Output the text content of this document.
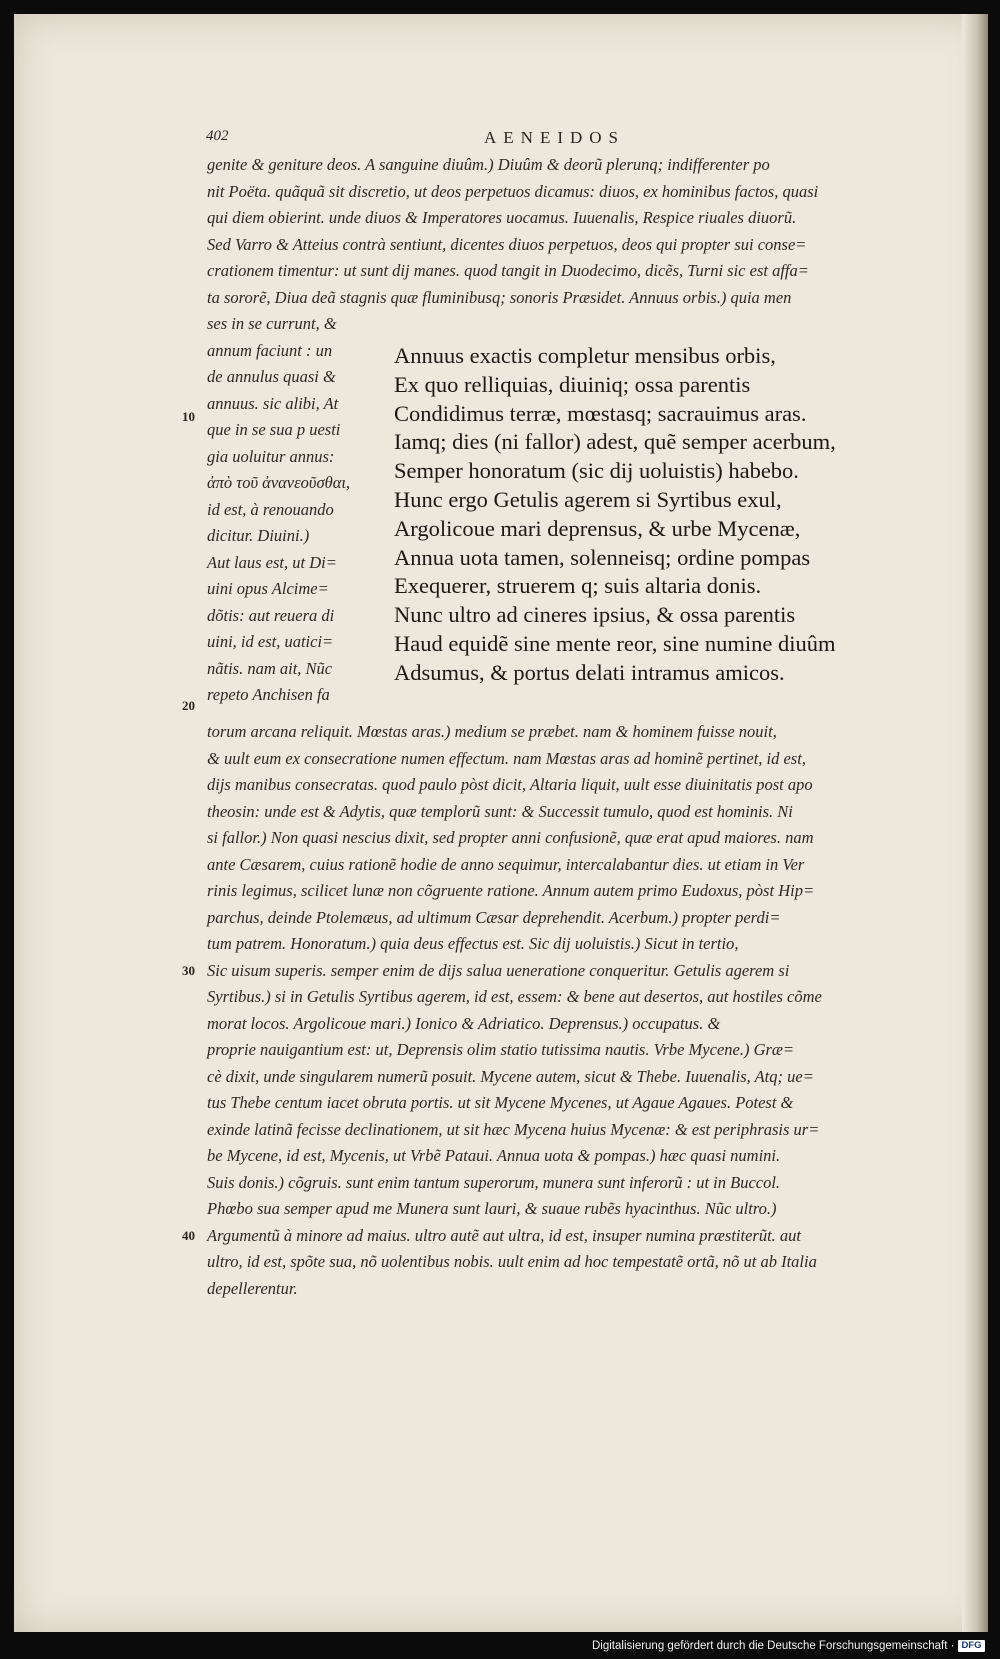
402	AENEIDOS
genite & geniture deos. A sanguine diuûm.) Diuûm & deorũ plerunq; indifferenter po
nit Poëta. quãquã sit discretio, ut deos perpetuos dicamus: diuos, ex hominibus factos, quasi
qui diem obierint. unde diuos & Imperatores uocamus. Iuuenalis, Respice riuales diuorũ.
Sed Varro & Atteius contrà sentiunt, dicentes diuos perpetuos, deos qui propter sui conse=
crationem timentur: ut sunt dij manes. quod tangit in Duodecimo, dicẽs, Turni sic est affa=
ta sororẽ, Diua deã stagnis quæ fluminibusq; sonoris Præsidet. Annuus orbis.) quia men
ses in se currunt, &
annum faciunt : un
de annulus quasi &
annuus. sic alibi, At
que in se sua p uesti
gia uoluitur annus:
ἀπὸ τοῦ ἀνανεοῦσθαι,
id est, à renouando
dicitur. Diuini.)
Aut laus est, ut Di=
uini opus Alcime=
dõtis: aut reuera di
uini, id est, uatici=
nãtis. nam ait, Nũc
repeto Anchisen fa
Annuus exactis completur mensibus orbis,
Ex quo relliquias, diuiniq; ossa parentis
Condidimus terræ, mœstasq; sacrauimus aras.
Iamq; dies (ni fallor) adest, quẽ semper acerbum,
Semper honoratum (sic dij uoluistis) habebo.
Hunc ergo Getulis agerem si Syrtibus exul,
Argolicoue mari deprensus, & urbe Mycenæ,
Annua uota tamen, solenneisq; ordine pompas
Exequerer, struerem q; suis altaria donis.
Nunc ultro ad cineres ipsius, & ossa parentis
Haud equidẽ sine mente reor, sine numine diuûm
Adsumus, & portus delati intramus amicos.
torum arcana reliquit. Mœstas aras.) medium se præbet. nam & hominem fuisse nouit,
& uult eum ex consecratione numen effectum. nam Mœstas aras ad hominẽ pertinet, id est,
dijs manibus consecratas. quod paulo pòst dicit, Altaria liquit, uult esse diuinitatis post apo
theosin: unde est & Adytis, quæ templorũ sunt: & Successit tumulo, quod est hominis. Ni
si fallor.) Non quasi nescius dixit, sed propter anni confusionẽ, quæ erat apud maiores. nam
ante Cæsarem, cuius rationẽ hodie de anno sequimur, intercalabantur dies. ut etiam in Ver
rinis legimus, scilicet lunæ non cõgruente ratione. Annum autem primo Eudoxus, pòst Hip=
parchus, deinde Ptolemæus, ad ultimum Cæsar deprehendit. Acerbum.) propter perdi=
tum patrem. Honoratum.) quia deus effectus est. Sic dij uoluistis.) Sicut in tertio,
Sic uisum superis. semper enim de dijs salua ueneratione conqueritur. Getulis agerem si
Syrtibus.) si in Getulis Syrtibus agerem, id est, essem: & bene aut desertos, aut hostiles cõme
morat locos. Argolicoue mari.) Ionico & Adriatico. Deprensus.) occupatus. &
proprie nauigantium est: ut, Deprensis olim statio tutissima nautis. Vrbe Mycene.) Græ=
cè dixit, unde singularem numerũ posuit. Mycene autem, sicut & Thebe. Iuuenalis, Atq; ue=
tus Thebe centum iacet obruta portis. ut sit Mycene Mycenes, ut Agaue Agaues. Potest &
exinde latinã fecisse declinationem, ut sit hæc Mycena huius Mycenæ: & est periphrasis ur=
be Mycene, id est, Mycenis, ut Vrbẽ Pataui. Annua uota & pompas.) hæc quasi numini.
Suis donis.) cõgruis. sunt enim tantum superorum, munera sunt inferorũ : ut in Buccol.
Phœbo sua semper apud me Munera sunt lauri, & suaue rubẽs hyacinthus. Nũc ultro.)
Argumentũ à minore ad maius. ultro autẽ aut ultra, id est, insuper numina præstiterũt. aut
ultro, id est, spõte sua, nõ uolentibus nobis. uult enim ad hoc tempestatẽ ortã, nõ ut ab Italia
depellerentur.
10
20
30
40
Digitalisierung gefördert durch die Deutsche Forschungsgemeinschaft · DFG
